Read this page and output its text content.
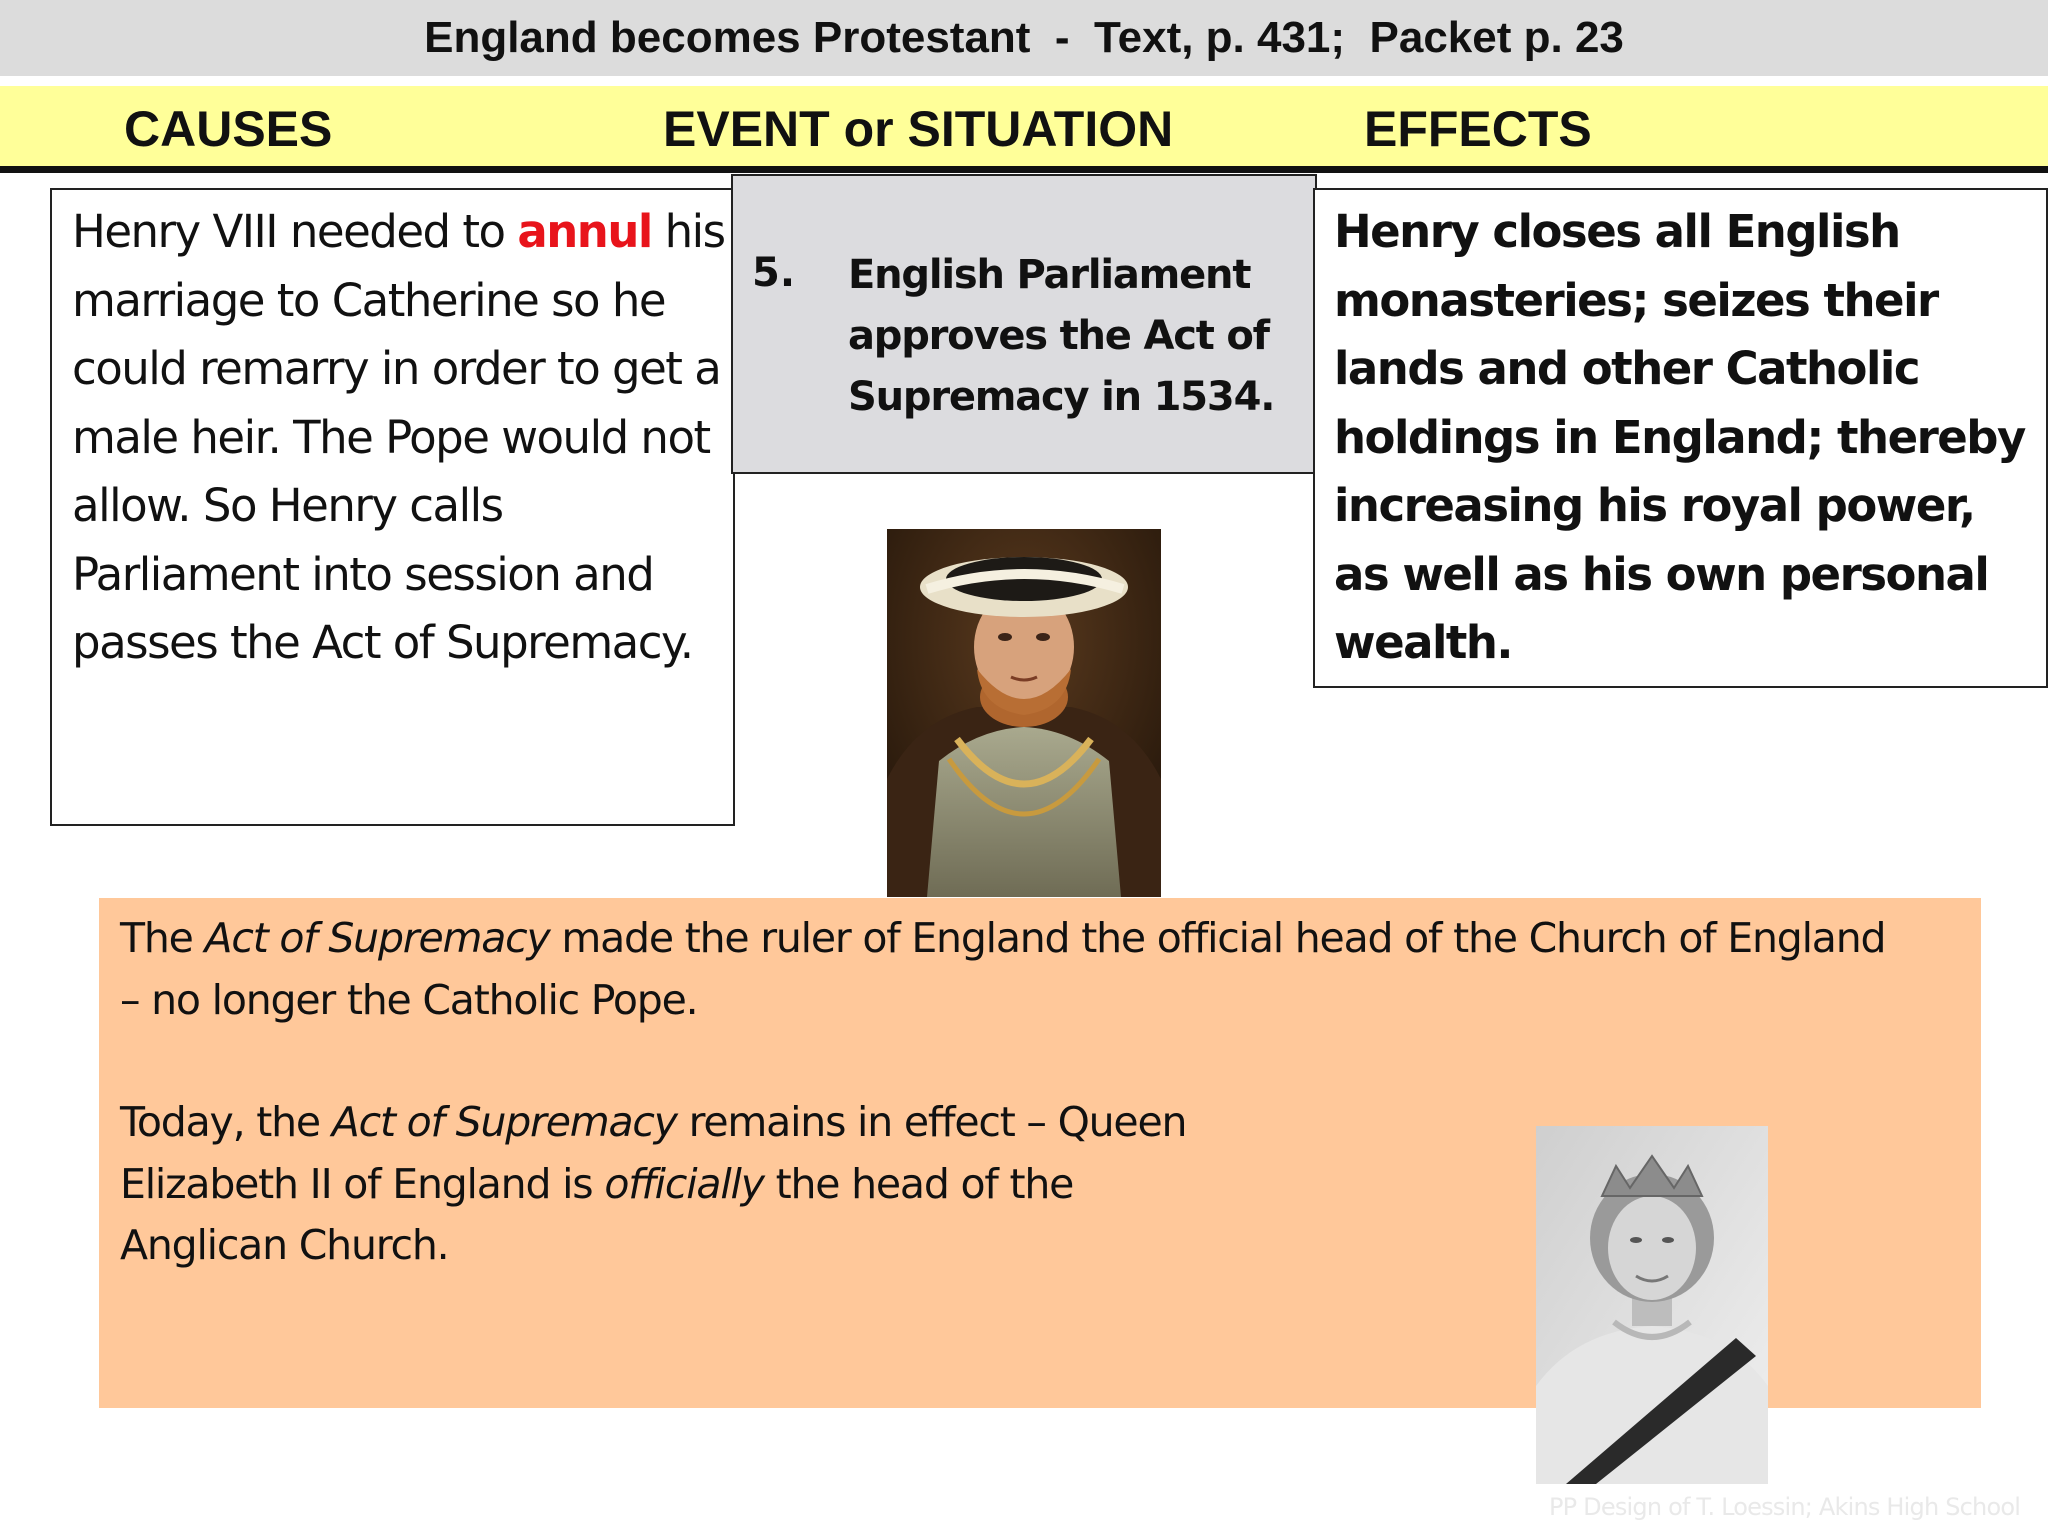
England becomes Protestant  -  Text, p. 431;  Packet p. 23
CAUSES	EVENT or SITUATION	EFFECTS
Henry VIII needed to annul his marriage to Catherine so he could remarry in order to get a male heir. The Pope would not allow. So Henry calls Parliament into session and passes the Act of Supremacy.
5. English Parliament approves the Act of Supremacy in 1534.
Henry closes all English monasteries; seizes their lands and other Catholic holdings in England; thereby increasing his royal power, as well as his own personal wealth.
The Act of Supremacy made the ruler of England the official head of the Church of England – no longer the Catholic Pope.
Today, the Act of Supremacy remains in effect – Queen Elizabeth II of England is officially the head of the Anglican Church.
PP Design of T. Loessin; Akins High School
